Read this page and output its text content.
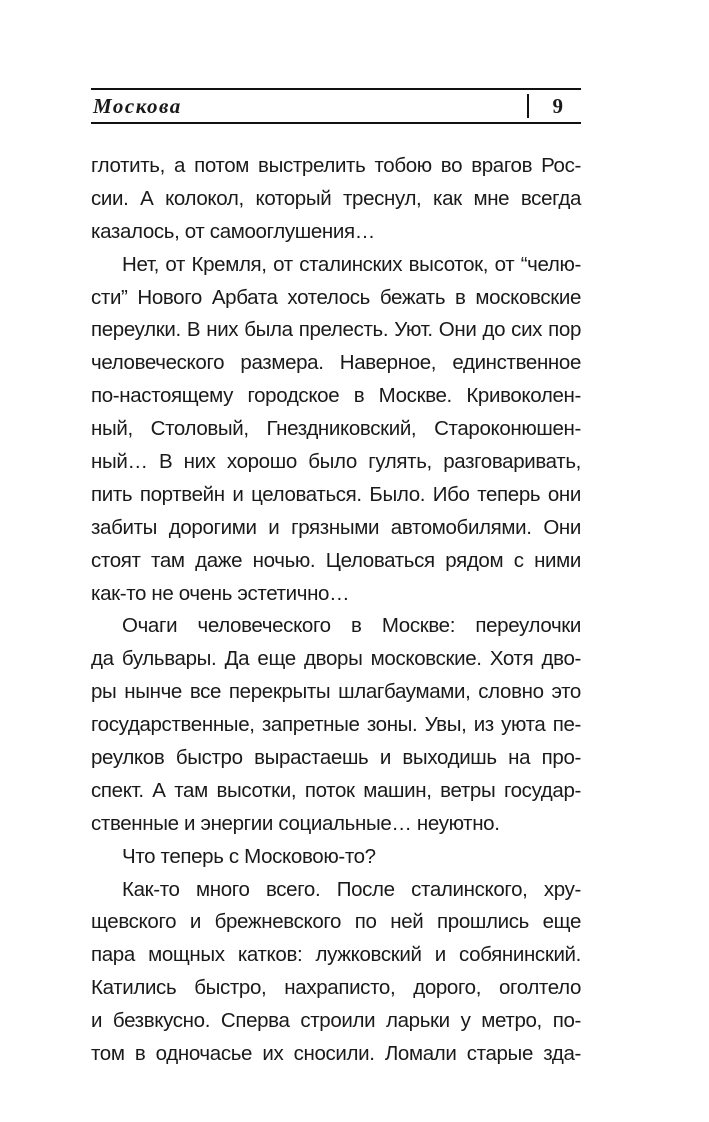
Москова	9
глотить, а потом выстрелить тобою во врагов Рос-
сии. А колокол, который треснул, как мне всегда
казалось, от самооглушения…
Нет, от Кремля, от сталинских высоток, от “челю-
сти” Нового Арбата хотелось бежать в московские
переулки. В них была прелесть. Уют. Они до сих пор
человеческого размера. Наверное, единственное
по-настоящему городское в Москве. Кривоколен-
ный, Столовый, Гнездниковский, Староконюшен-
ный… В них хорошо было гулять, разговаривать,
пить портвейн и целоваться. Было. Ибо теперь они
забиты дорогими и грязными автомобилями. Они
стоят там даже ночью. Целоваться рядом с ними
как-то не очень эстетично…
Очаги человеческого в Москве: переулочки
да бульвары. Да еще дворы московские. Хотя дво-
ры нынче все перекрыты шлагбаумами, словно это
государственные, запретные зоны. Увы, из уюта пе-
реулков быстро вырастаешь и выходишь на про-
спект. А там высотки, поток машин, ветры государ-
ственные и энергии социальные… неуютно.
Что теперь с Московою-то?
Как-то много всего. После сталинского, хру-
щевского и брежневского по ней прошлись еще
пара мощных катков: лужковский и собянинский.
Катились быстро, нахраписто, дорого, оголтело
и безвкусно. Сперва строили ларьки у метро, по-
том в одночасье их сносили. Ломали старые зда-
